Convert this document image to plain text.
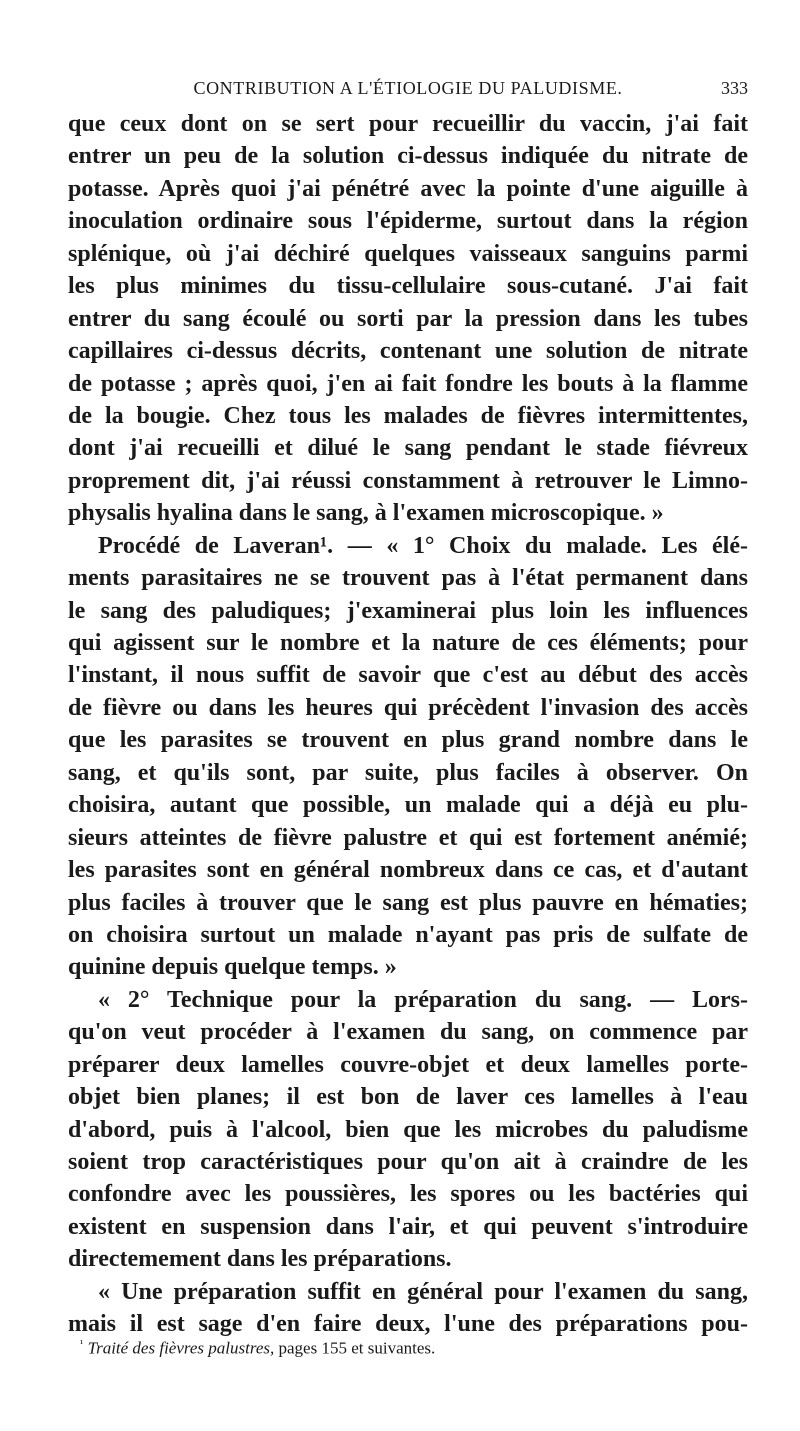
CONTRIBUTION A L'ÉTIOLOGIE DU PALUDISME.	333
que ceux dont on se sert pour recueillir du vaccin, j'ai fait
entrer un peu de la solution ci-dessus indiquée du nitrate de
potasse. Après quoi j'ai pénétré avec la pointe d'une aiguille à
inoculation ordinaire sous l'épiderme, surtout dans la région
splénique, où j'ai déchiré quelques vaisseaux sanguins parmi
les plus minimes du tissu-cellulaire sous-cutané. J'ai fait
entrer du sang écoulé ou sorti par la pression dans les tubes
capillaires ci-dessus décrits, contenant une solution de nitrate
de potasse ; après quoi, j'en ai fait fondre les bouts à la flamme
de la bougie. Chez tous les malades de fièvres intermittentes,
dont j'ai recueilli et dilué le sang pendant le stade fiévreux
proprement dit, j'ai réussi constamment à retrouver le Limno-
physalis hyalina dans le sang, à l'examen microscopique. »
Procédé de Laveran¹. — « 1° Choix du malade. Les élé-
ments parasitaires ne se trouvent pas à l'état permanent dans
le sang des paludiques; j'examinerai plus loin les influences
qui agissent sur le nombre et la nature de ces éléments; pour
l'instant, il nous suffit de savoir que c'est au début des accès
de fièvre ou dans les heures qui précèdent l'invasion des accès
que les parasites se trouvent en plus grand nombre dans le
sang, et qu'ils sont, par suite, plus faciles à observer. On
choisira, autant que possible, un malade qui a déjà eu plu-
sieurs atteintes de fièvre palustre et qui est fortement anémié;
les parasites sont en général nombreux dans ce cas, et d'autant
plus faciles à trouver que le sang est plus pauvre en hématies;
on choisira surtout un malade n'ayant pas pris de sulfate de
quinine depuis quelque temps. »
« 2° Technique pour la préparation du sang. — Lors-
qu'on veut procéder à l'examen du sang, on commence par
préparer deux lamelles couvre-objet et deux lamelles porte-
objet bien planes; il est bon de laver ces lamelles à l'eau
d'abord, puis à l'alcool, bien que les microbes du paludisme
soient trop caractéristiques pour qu'on ait à craindre de les
confondre avec les poussières, les spores ou les bactéries qui
existent en suspension dans l'air, et qui peuvent s'introduire
directemement dans les préparations.
« Une préparation suffit en général pour l'examen du sang,
mais il est sage d'en faire deux, l'une des préparations pou-
$^{^1}$ Traité des fièvres palustres, pages 155 et suivantes.
